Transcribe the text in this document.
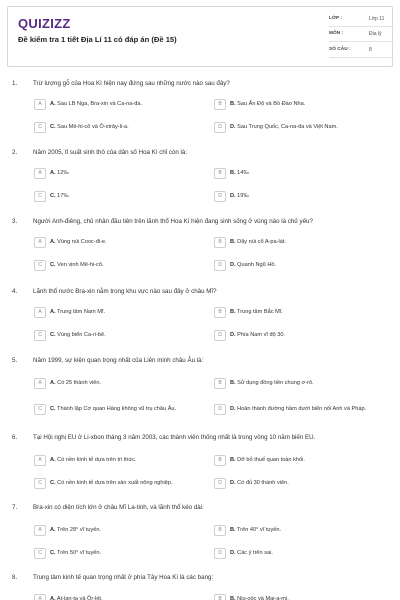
QUIZIZZ
Đề kiểm tra 1 tiết Địa Lí 11 có đáp án (Đề 15)
LỚP :	Lớp 11
MÔN :	Địa lý
SỐ CÂU :	8
1.	Trừ lượng gỗ của Hoa Kì hiện nay đứng sau những nước nào sau đây?
A	A. Sau LB Nga, Bra-xin và Ca-na-đa.	B	B. Sau Ấn Độ và Bồ Đào Nha.
C	C. Sau Mê-hi-cô và Ô-xtrây-li-a.	D	D. Sau Trung Quốc, Ca-na-đa và Việt Nam.
2.	Năm 2005, tỉ suất sinh thô của dân số Hoa Kì chỉ còn là:
A	A. 12‰	B	B. 14‰
C	C. 17‰	D	D. 19‰
3.	Người Anh-điêng, chủ nhân đầu tiên trên lãnh thổ Hoa Kì hiện đang sinh sống ở vùng nào là chủ yếu?
A	A. Vùng núi Cooc-đi-e.	B	B. Dãy núi cổ A-pa-lát.
C	C. Ven vịnh Mê-hi-cô.	D	D. Quanh Ngũ Hồ.
4.	Lãnh thổ nước Bra-xin nằm trong khu vực nào sau đây ở châu Mĩ?
A	A. Trung tâm Nam Mĩ.	B	B. Trung tâm Bắc Mĩ.
C	C. Vùng biển Ca-ri-bê.	D	D. Phía Nam vĩ độ 30.
5.	Năm 1999, sự kiện quan trọng nhất của Liên minh châu Âu là:
A	A. Có 25 thành viên.	B	B. Sử dụng đồng tiền chung ơ-rô.
C	C. Thành lập Cơ quan Hàng không vũ trụ châu Âu.	D	D. Hoàn thành đường hầm dưới biển nối Anh và Pháp.
6.	Tại Hội nghị EU ở Li-xbon tháng 3 năm 2003, các thành viên thống nhất là trong vòng 10 năm biến EU.
A	A. Có nền kinh tế dựa trên tri thức.	B	B. Dỡ bỏ thuế quan toàn khối.
C	C. Có nền kinh tế dựa trên sản xuất nông nghiệp.	D	D. Có đủ 30 thành viên.
7.	Bra-xin có diện tích lớn ở châu Mĩ La-tinh, và lãnh thổ kéo dài:
A	A. Trên 28° vĩ tuyến.	B	B. Trên 40° vĩ tuyến.
C	C. Trên 50° vĩ tuyến.	D	D. Các ý trên sai.
8.	Trung tâm kinh tế quan trọng nhất ở phía Tây Hoa Kì là các bang:
A	A. At-lan-ta và Ôr-lét.	B	B. Niu-oóc và Mai-a-mi.
